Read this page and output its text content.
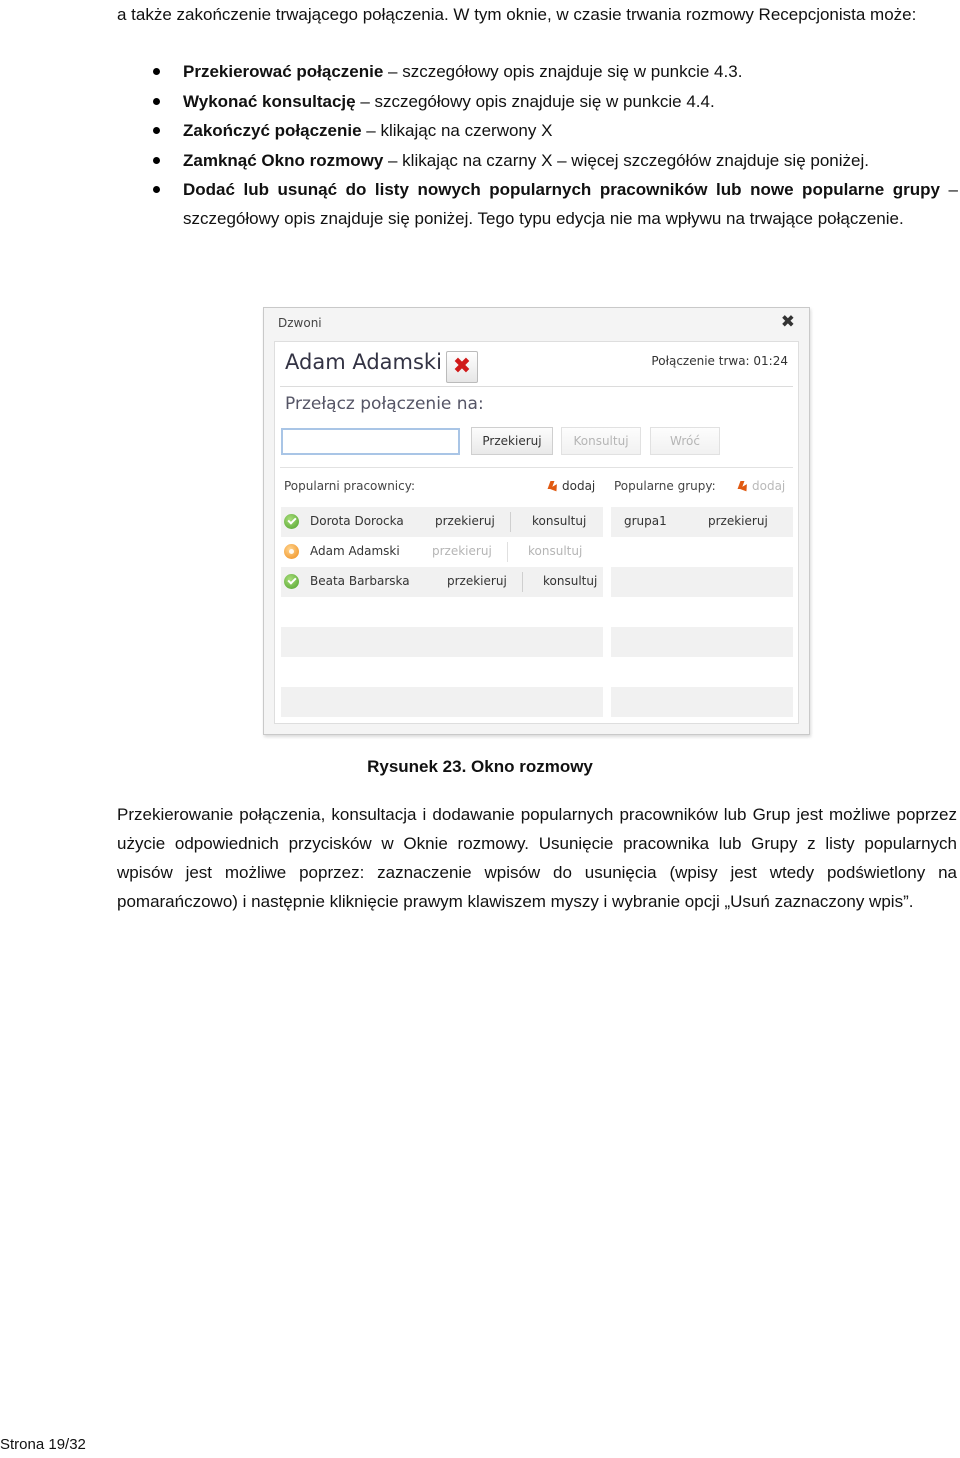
a także zakończenie trwającego połączenia. W tym oknie, w czasie trwania rozmowy Recepcjonista może:

Przekierować połączenie – szczegółowy opis znajduje się w punkcie 4.3.
Wykonać konsultację – szczegółowy opis znajduje się w punkcie 4.4.
Zakończyć połączenie – klikając na czerwony X
Zamknąć Okno rozmowy – klikając na czarny X – więcej szczegółów znajduje się poniżej.
Dodać lub usunąć do listy nowych popularnych pracowników lub nowe popularne grupy – szczegółowy opis znajduje się poniżej. Tego typu edycja nie ma wpływu na trwające połączenie.
Dzwoni	✖
Adam Adamski ✖	Połączenie trwa: 01:24
Przełącz połączenie na:
Przekieruj	Konsultuj	Wróć
Popularni pracownicy:	dodaj Popularne grupy:	dodaj
Dorota Dorocka	przekieruj	konsultuj
Adam Adamski	przekieruj	konsultuj
Beata Barbarska	przekieruj	konsultuj
grupa1	przekieruj
Rysunek 23. Okno rozmowy

Przekierowanie połączenia, konsultacja i dodawanie popularnych pracowników lub Grup jest możliwe poprzez użycie odpowiednich przycisków w Oknie rozmowy. Usunięcie pracownika lub Grupy z listy popularnych wpisów jest możliwe poprzez: zaznaczenie wpisów do usunięcia (wpisy jest wtedy podświetlony na pomarańczowo) i następnie kliknięcie prawym klawiszem myszy i wybranie opcji „Usuń zaznaczony wpis”.

Strona 19/32
